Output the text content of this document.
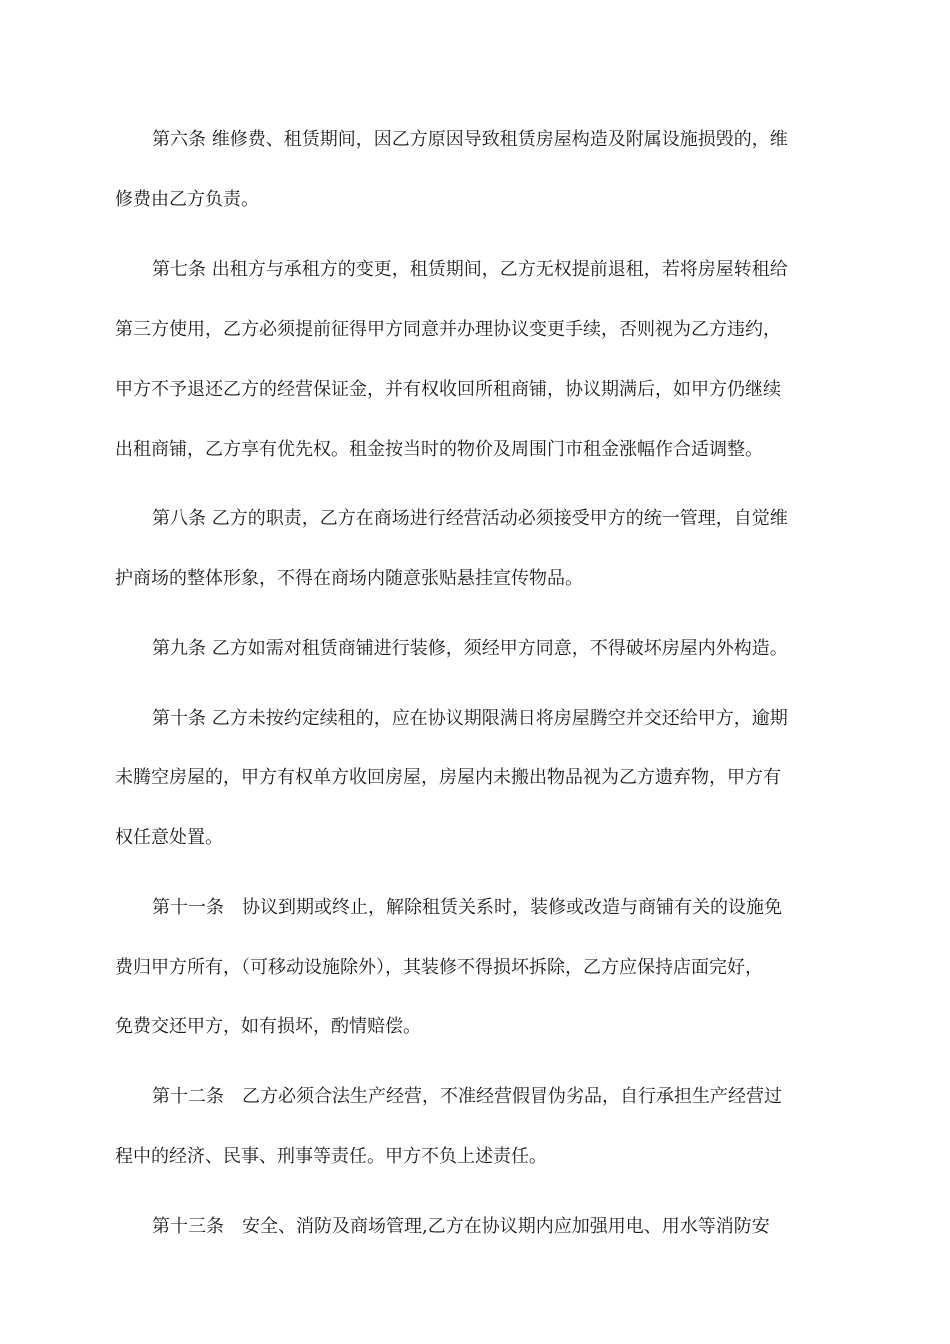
第六条 维修费、租赁期间，因乙方原因导致租赁房屋构造及附属设施损毁的，维

修费由乙方负责。

第七条 出租方与承租方的变更，租赁期间，乙方无权提前退租，若将房屋转租给

第三方使用，乙方必须提前征得甲方同意并办理协议变更手续，否则视为乙方违约，

甲方不予退还乙方的经营保证金，并有权收回所租商铺，协议期满后，如甲方仍继续

出租商铺，乙方享有优先权。租金按当时的物价及周围门市租金涨幅作合适调整。

第八条 乙方的职责，乙方在商场进行经营活动必须接受甲方的统一管理，自觉维

护商场的整体形象，不得在商场内随意张贴悬挂宣传物品。

第九条 乙方如需对租赁商铺进行装修，须经甲方同意，不得破坏房屋内外构造。

第十条 乙方未按约定续租的，应在协议期限满日将房屋腾空并交还给甲方，逾期

未腾空房屋的，甲方有权单方收回房屋，房屋内未搬出物品视为乙方遗弃物，甲方有

权任意处置。

第十一条　协议到期或终止，解除租赁关系时，装修或改造与商铺有关的设施免

费归甲方所有，（可移动设施除外），其装修不得损坏拆除，乙方应保持店面完好，

免费交还甲方，如有损坏，酌情赔偿。

第十二条　乙方必须合法生产经营，不准经营假冒伪劣品，自行承担生产经营过

程中的经济、民事、刑事等责任。甲方不负上述责任。

第十三条　安全、消防及商场管理,乙方在协议期内应加强用电、用水等消防安
